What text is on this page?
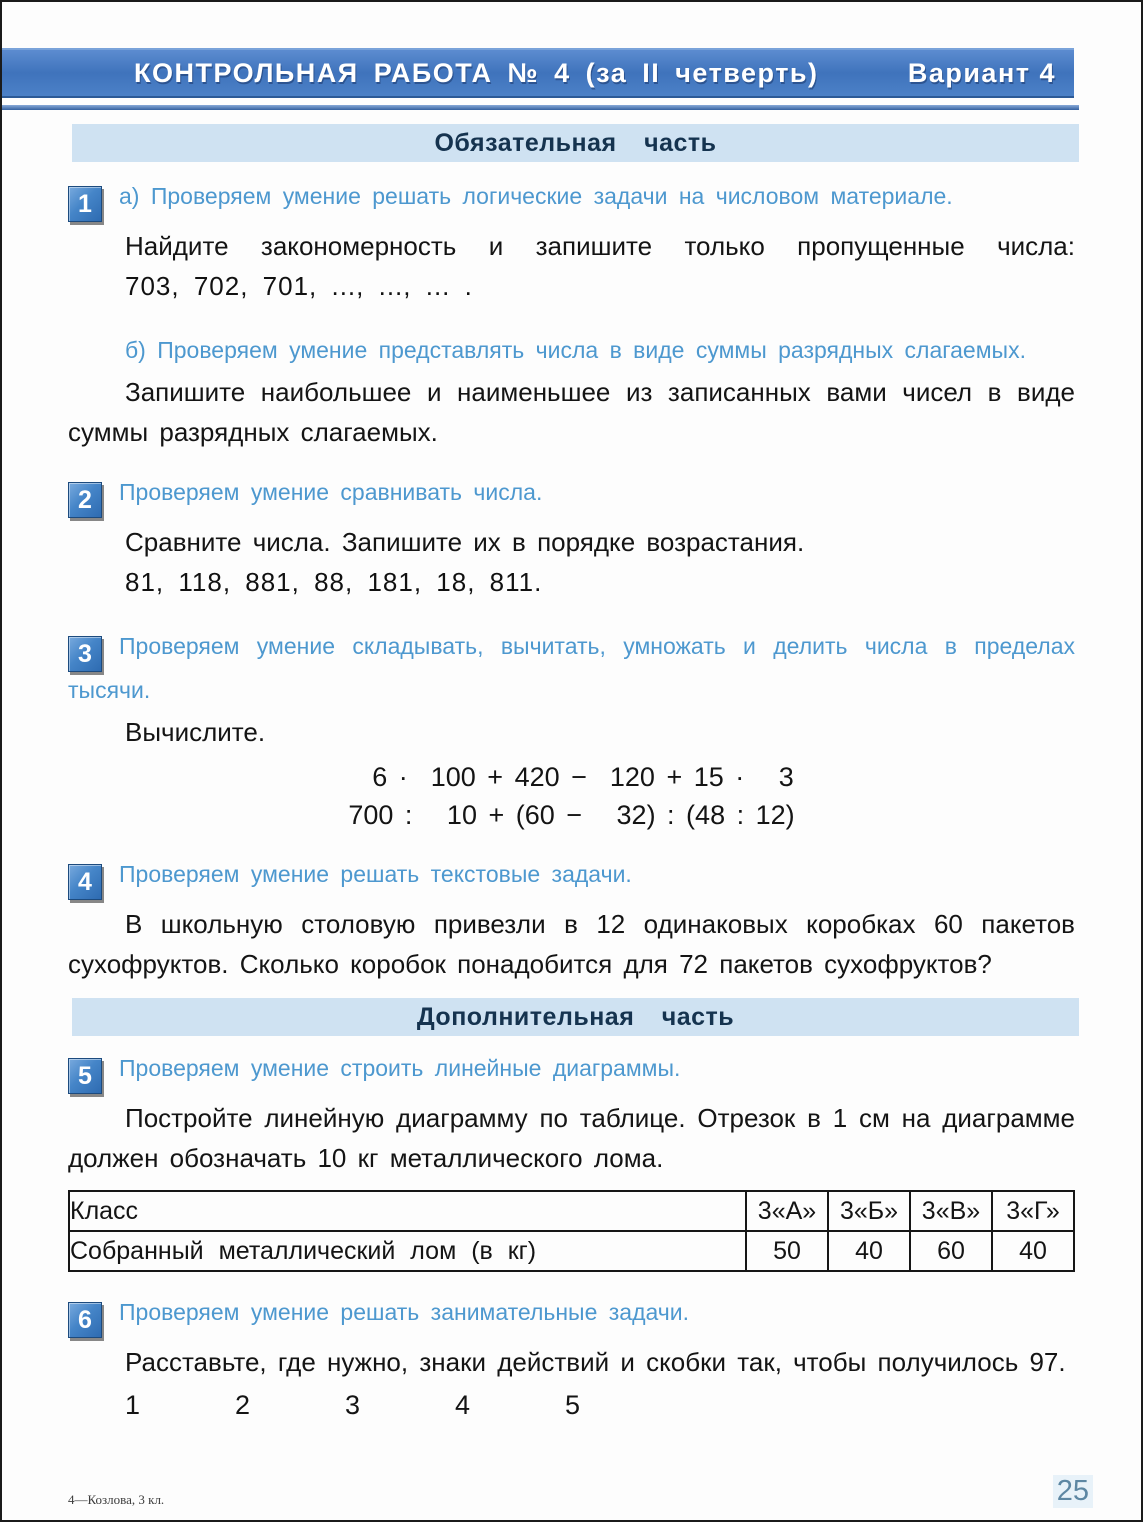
КОНТРОЛЬНАЯ РАБОТА № 4 (за II четверть)	Вариант 4
Обязательная часть
1 а) Проверяем умение решать логические задачи на числовом материале.

Найдите закономерность и запишите только пропущенные числа:

703, 702, 701, ..., ..., ... .

б) Проверяем умение представлять числа в виде суммы разрядных слагаемых.

Запишите наибольшее и наименьшее из записанных вами чисел в виде суммы разрядных слагаемых.

2 Проверяем умение сравнивать числа.

Сравните числа. Запишите их в порядке возрастания.

81, 118, 881, 88, 181, 18, 811.

3 Проверяем умение складывать, вычитать, умножать и делить числа в пределах тысячи.

Вычислите.

6 ·  100 + 420 −  120 + 15 ·   3
700 :   10 + (60 −   32) : (48 : 12)
4 Проверяем умение решать текстовые задачи.

В школьную столовую привезли в 12 одинаковых коробках 60 пакетов сухофруктов. Сколько коробок понадобится для 72 пакетов сухофруктов?

Дополнительная часть
5 Проверяем умение строить линейные диаграммы.

Постройте линейную диаграмму по таблице. Отрезок в 1 см на диаграмме должен обозначать 10 кг металлического лома.

Класс	3«А»	3«Б»	3«В»	3«Г»
Собранный металлический лом (в кг)	50	40	60	40
6 Проверяем умение решать занимательные задачи.

Расставьте, где нужно, знаки действий и скобки так, чтобы получилось 97.

1	2	3	4	5
4—Козлова, 3 кл.	25
